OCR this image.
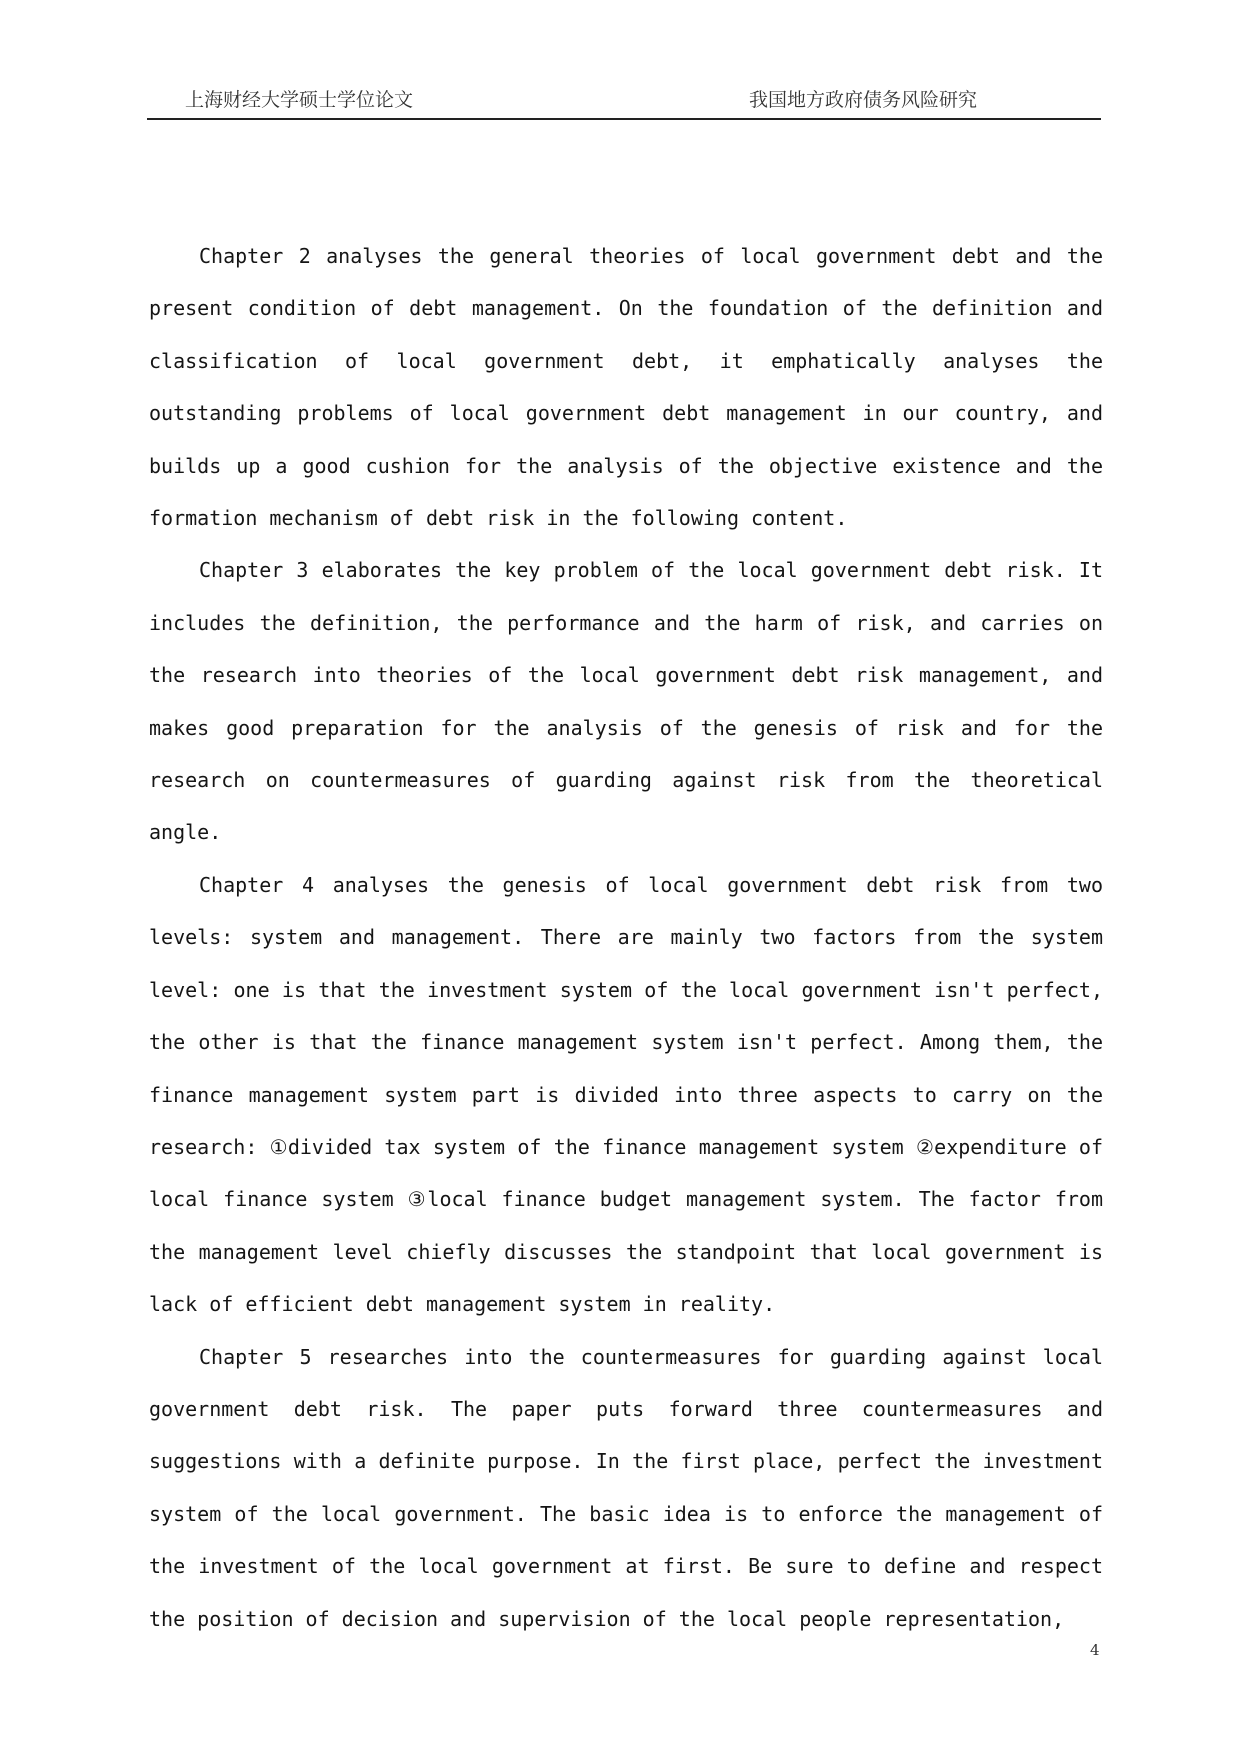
上海财经大学硕士学位论文	我国地方政府债务风险研究

Chapter 2 analyses the general theories of local government debt and the present condition of debt management. On the foundation of the definition and classification of local government debt, it emphatically analyses the outstanding problems of local government debt management in our country, and builds up a good cushion for the analysis of the objective existence and the formation mechanism of debt risk in the following content.

Chapter 3 elaborates the key problem of the local government debt risk. It includes the definition, the performance and the harm of risk, and carries on the research into theories of the local government debt risk management, and makes good preparation for the analysis of the genesis of risk and for the research on countermeasures of guarding against risk from the theoretical angle.

Chapter 4 analyses the genesis of local government debt risk from two levels: system and management. There are mainly two factors from the system level: one is that the investment system of the local government isn't perfect, the other is that the finance management system isn't perfect. Among them, the finance management system part is divided into three aspects to carry on the research: ①divided tax system of the finance management system ②expenditure of local finance system ③local finance budget management system. The factor from the management level chiefly discusses the standpoint that local government is lack of efficient debt management system in reality.

Chapter 5 researches into the countermeasures for guarding against local government debt risk. The paper puts forward three countermeasures and suggestions with a definite purpose. In the first place, perfect the investment system of the local government. The basic idea is to enforce the management of the investment of the local government at first. Be sure to define and respect the position of decision and supervision of the local people representation,

4
